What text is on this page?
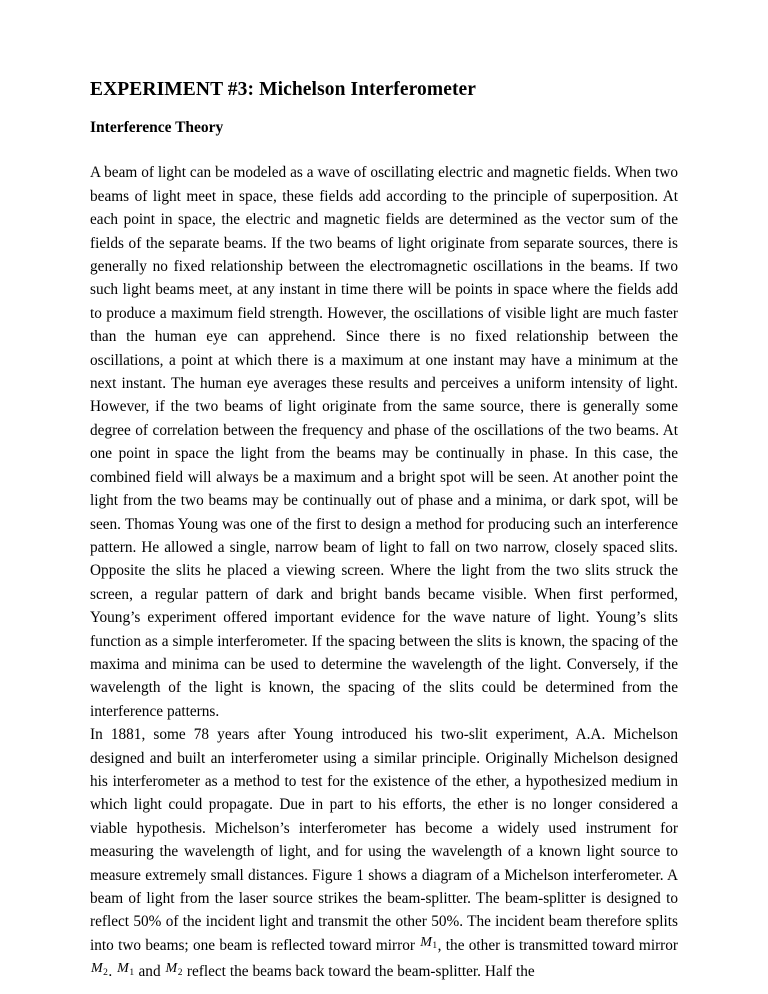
EXPERIMENT #3: Michelson Interferometer
Interference Theory

A beam of light can be modeled as a wave of oscillating electric and magnetic fields. When two beams of light meet in space, these fields add according to the principle of superposition. At each point in space, the electric and magnetic fields are determined as the vector sum of the fields of the separate beams. If the two beams of light originate from separate sources, there is generally no fixed relationship between the electromagnetic oscillations in the beams. If two such light beams meet, at any instant in time there will be points in space where the fields add to produce a maximum field strength. However, the oscillations of visible light are much faster than the human eye can apprehend. Since there is no fixed relationship between the oscillations, a point at which there is a maximum at one instant may have a minimum at the next instant. The human eye averages these results and perceives a uniform intensity of light. However, if the two beams of light originate from the same source, there is generally some degree of correlation between the frequency and phase of the oscillations of the two beams. At one point in space the light from the beams may be continually in phase. In this case, the combined field will always be a maximum and a bright spot will be seen. At another point the light from the two beams may be continually out of phase and a minima, or dark spot, will be seen. Thomas Young was one of the first to design a method for producing such an interference pattern. He allowed a single, narrow beam of light to fall on two narrow, closely spaced slits. Opposite the slits he placed a viewing screen. Where the light from the two slits struck the screen, a regular pattern of dark and bright bands became visible. When first performed, Young’s experiment offered important evidence for the wave nature of light. Young’s slits function as a simple interferometer. If the spacing between the slits is known, the spacing of the maxima and minima can be used to determine the wavelength of the light. Conversely, if the wavelength of the light is known, the spacing of the slits could be determined from the interference patterns.

In 1881, some 78 years after Young introduced his two-slit experiment, A.A. Michelson designed and built an interferometer using a similar principle. Originally Michelson designed his interferometer as a method to test for the existence of the ether, a hypothesized medium in which light could propagate. Due in part to his efforts, the ether is no longer considered a viable hypothesis. Michelson’s interferometer has become a widely used instrument for measuring the wavelength of light, and for using the wavelength of a known light source to measure extremely small distances. Figure 1 shows a diagram of a Michelson interferometer. A beam of light from the laser source strikes the beam-splitter. The beam-splitter is designed to reflect 50% of the incident light and transmit the other 50%. The incident beam therefore splits into two beams; one beam is reflected toward mirror M1, the other is transmitted toward mirror M2. M1 and M2 reflect the beams back toward the beam-splitter. Half the
